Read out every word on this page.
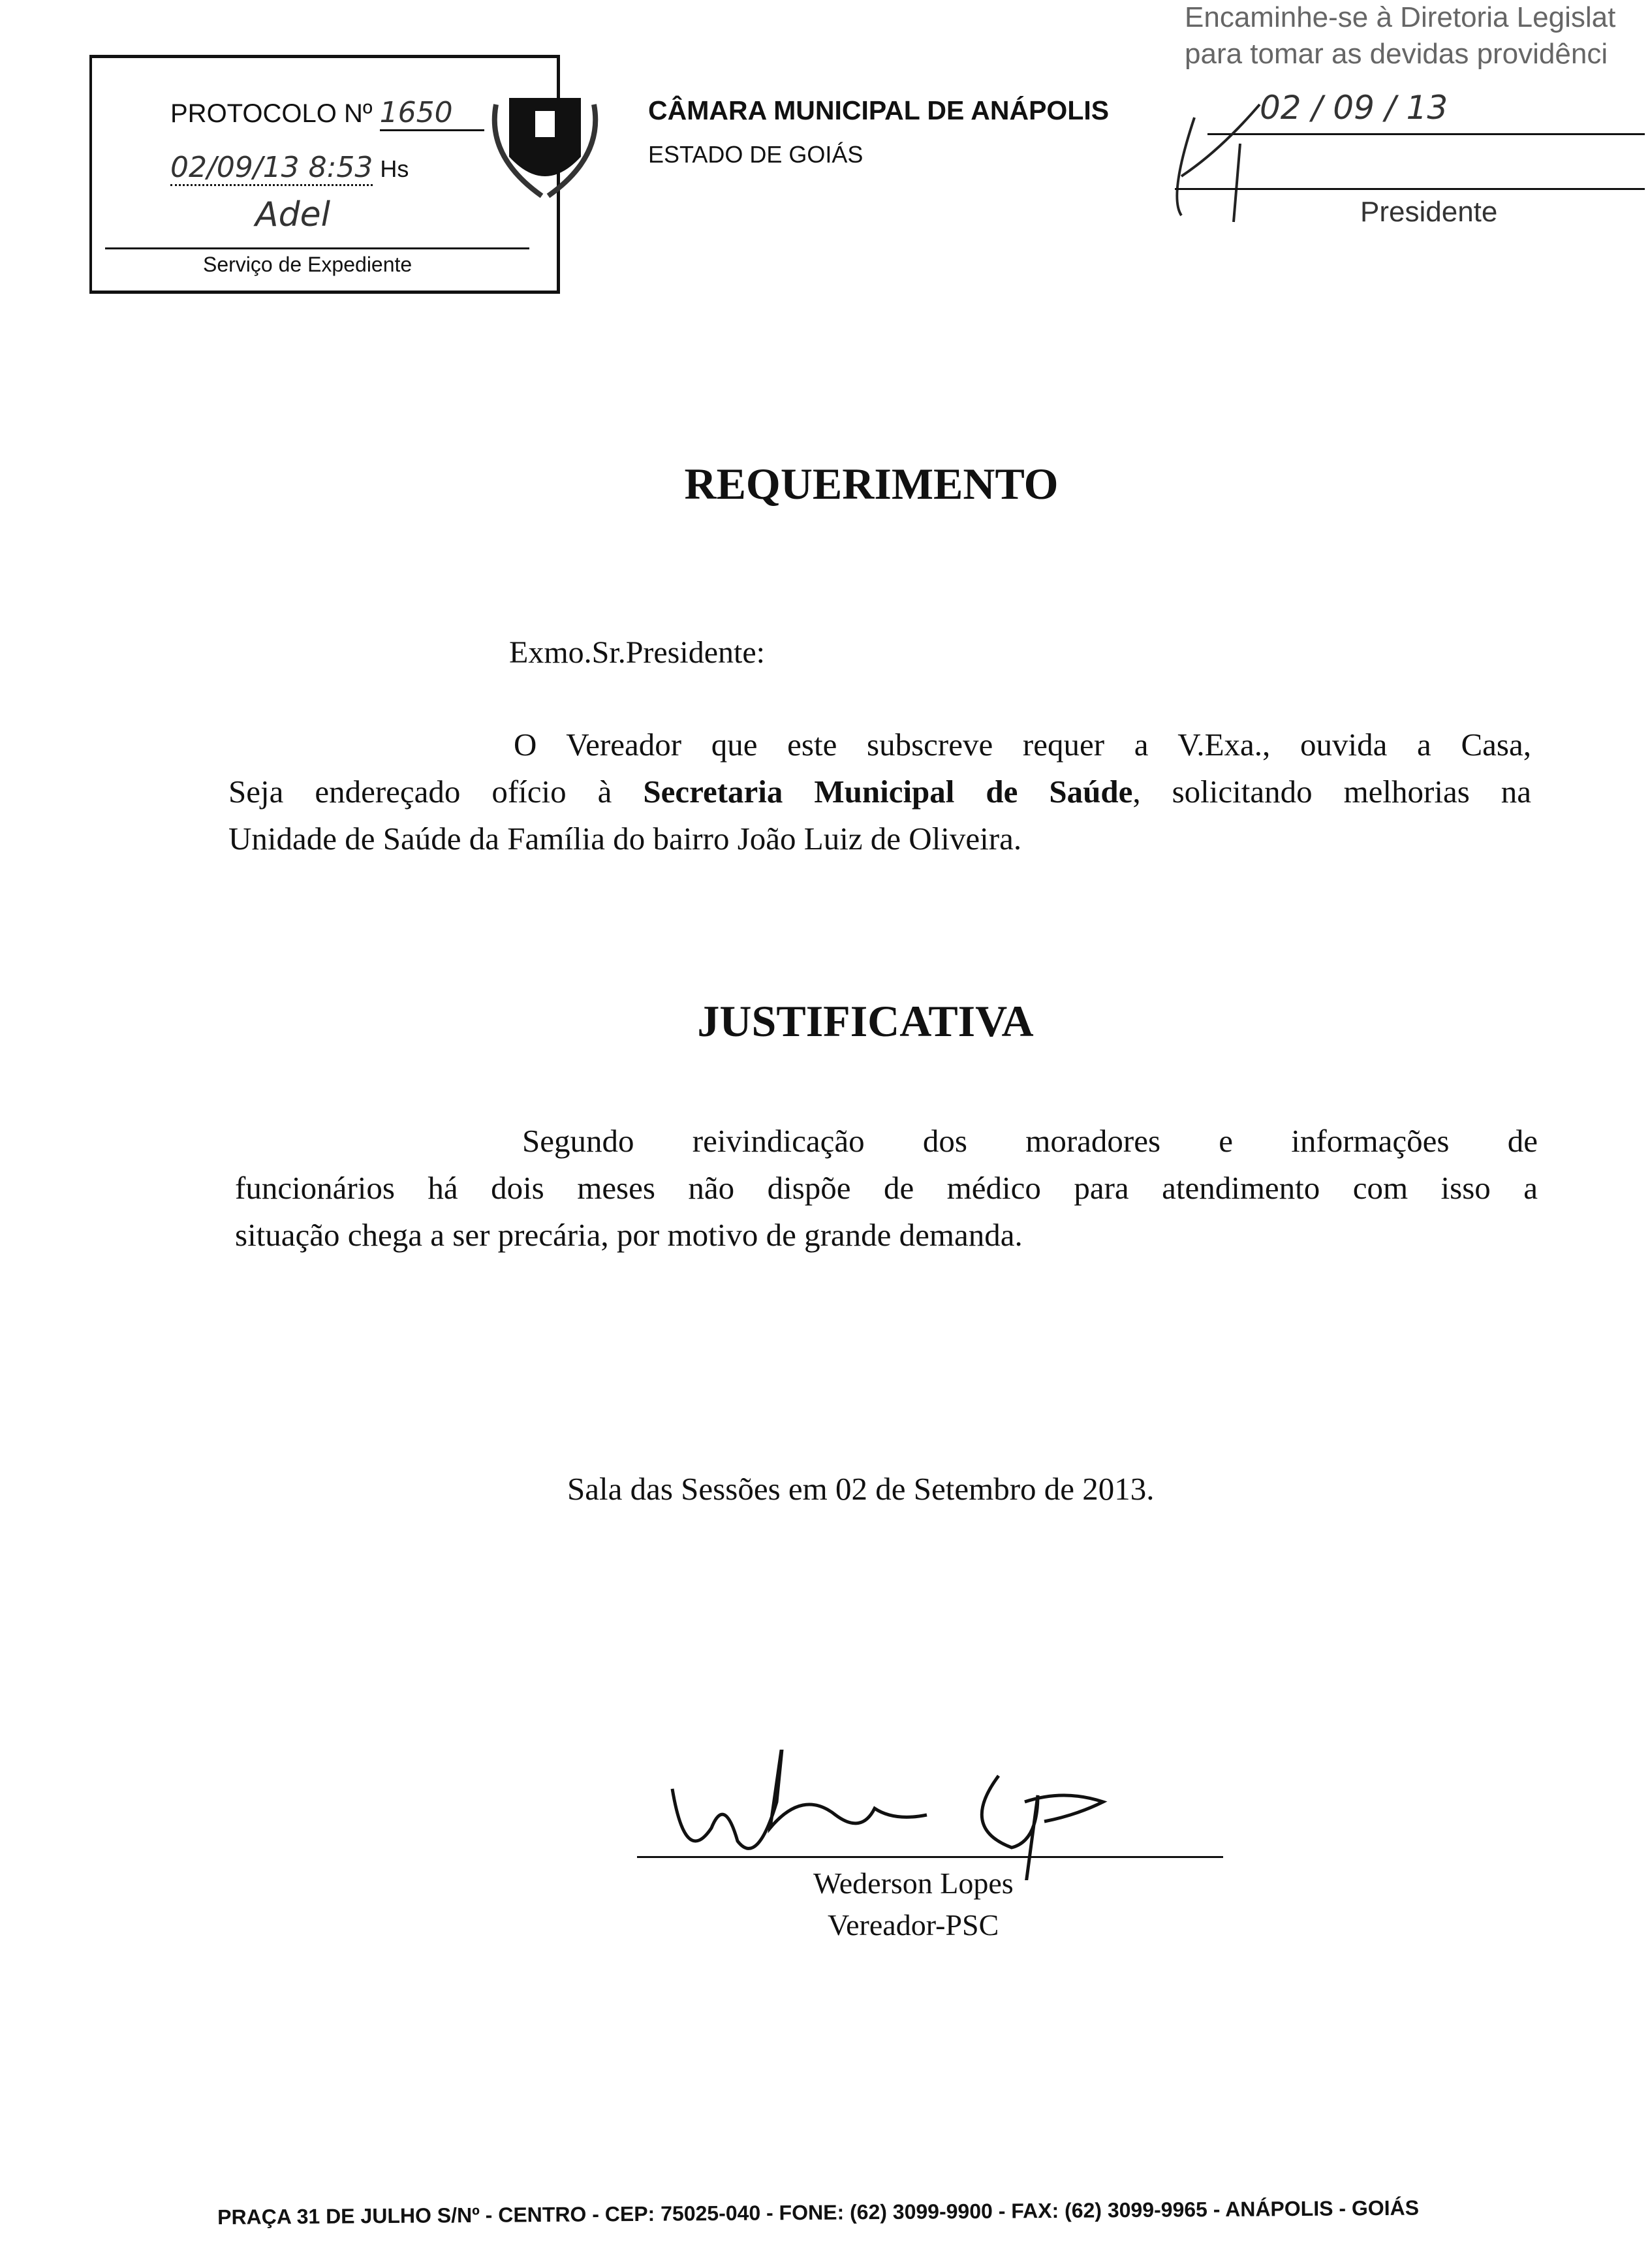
PROTOCOLO Nº 1650
02/09/13 8:53 Hs
Adel
Serviço de Expediente
CÂMARA MUNICIPAL DE ANÁPOLIS
ESTADO DE GOIÁS
Encaminhe-se à Diretoria Legislat
para tomar as devidas providênci
02 / 09 / 13
Presidente
REQUERIMENTO
Exmo.Sr.Presidente:
O Vereador que este subscreve requer a V.Exa., ouvida a Casa,
Seja endereçado ofício à Secretaria Municipal de Saúde, solicitando melhorias na
Unidade de Saúde da Família do bairro João Luiz de Oliveira.
JUSTIFICATIVA
Segundo reivindicação dos moradores e informações de
funcionários há dois meses não dispõe de médico para atendimento com isso a
situação chega a ser precária, por motivo de grande demanda.
Sala das Sessões em 02 de Setembro de 2013.
Wederson Lopes
Vereador-PSC
PRAÇA 31 DE JULHO S/Nº - CENTRO - CEP: 75025-040 - FONE: (62) 3099-9900 - FAX: (62) 3099-9965 - ANÁPOLIS - GOIÁS
